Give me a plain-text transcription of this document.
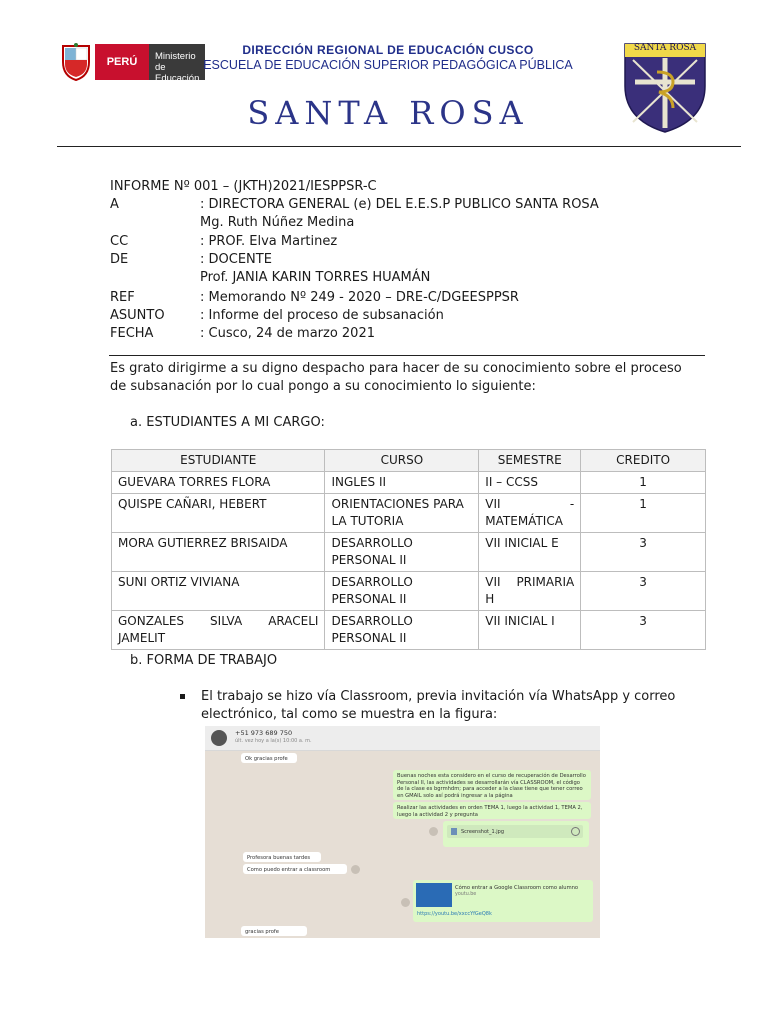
PERÚ	Ministerio de Educación
DIRECCIÓN REGIONAL DE EDUCACIÓN CUSCO
ESCUELA DE EDUCACIÓN SUPERIOR PEDAGÓGICA PÚBLICA
SANTA ROSA
SANTA ROSA
INFORME Nº 001 – (JKTH)2021/IESPPSR-C
A	: DIRECTORA GENERAL (e) DEL E.E.S.P PUBLICO SANTA ROSA
Mg. Ruth Núñez Medina
CC	: PROF. Elva Martinez
DE	: DOCENTE
Prof. JANIA KARIN TORRES HUAMÁN
REF	: Memorando Nº 249 - 2020 – DRE-C/DGEESPPSR
ASUNTO	: Informe del proceso de subsanación
FECHA	: Cusco, 24 de marzo 2021
Es grato dirigirme a su digno despacho para hacer de su conocimiento sobre el proceso
de subsanación por lo cual pongo a su conocimiento lo siguiente:
a. ESTUDIANTES A MI CARGO:
ESTUDIANTE	CURSO	SEMESTRE	CREDITO
GUEVARA TORRES FLORA	INGLES II	II – CCSS	1
QUISPE CAÑARI, HEBERT	ORIENTACIONES PARA LA TUTORIA	VII - MATEMÁTICA	1
MORA GUTIERREZ BRISAIDA	DESARROLLO PERSONAL II	VII INICIAL E	3
SUNI ORTIZ VIVIANA	DESARROLLO PERSONAL II	VII PRIMARIA H	3
GONZALES SILVA ARACELI JAMELIT	DESARROLLO PERSONAL II	VII INICIAL I	3
b. FORMA DE TRABAJO
El trabajo se hizo vía Classroom, previa invitación vía WhatsApp y correo
electrónico, tal como se muestra en la figura:
+51 973 689 750
últ. vez hoy a la(s) 10:00 a. m.
Ok gracias profe
Buenas noches esta considero en el curso de recuperación de Desarrollo Personal II, las actividades se desarrollarán vía CLASSROOM, el código de la clase es bgrmhdm; para acceder a la clase tiene que tener correo en GMAIL solo así podrá ingresar a la página
Realizar las actividades en orden TEMA 1, luego la actividad 1, TEMA 2, luego la actividad 2 y pregunta
Screenshot_1.jpg
Profesora buenas tardes
Como puedo entrar a classroom
Cómo entrar a Google Classroom como alumno
youtu.be
https://youtu.be/xxccYfGeQ8k
gracias profe
